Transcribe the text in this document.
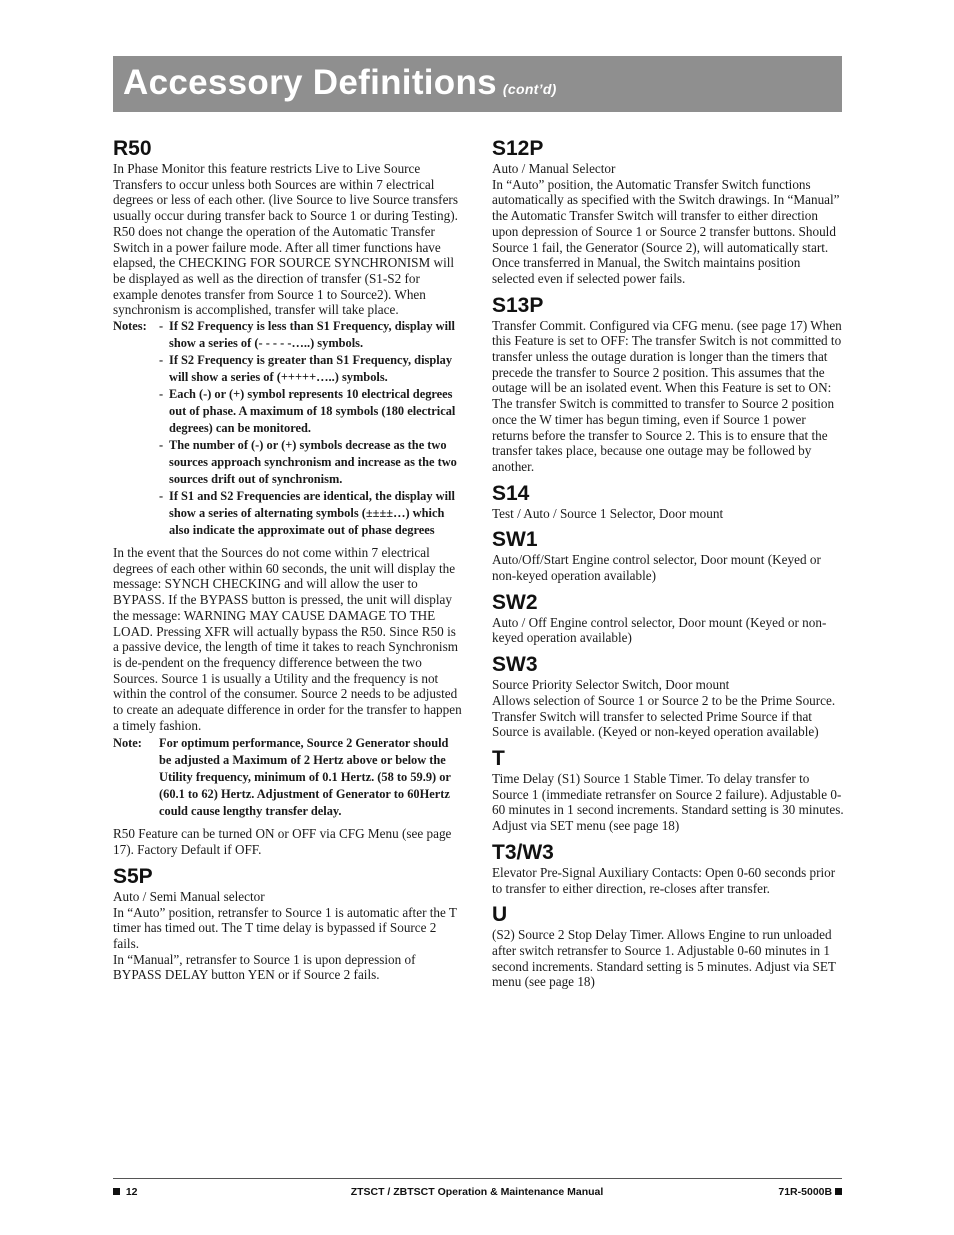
Accessory Definitions (cont’d)
R50

In Phase Monitor this feature restricts Live to Live Source Transfers to occur unless both Sources are within 7 electrical degrees or less of each other. (live Source to live Source transfers usually occur during transfer back to Source 1 or during Testing). R50 does not change the operation of the Automatic Transfer Switch in a power failure mode. After all timer functions have elapsed, the CHECKING FOR SOURCE SYNCHRONISM will be displayed as well as the direction of transfer (S1-S2 for example denotes transfer from Source 1 to Source2). When synchronism is accomplished, transfer will take place.

Notes: - If S2 Frequency is less than S1 Frequency, display will show a series of (- - - - -…..) symbols.
- If S2 Frequency is greater than S1 Frequency, display will show a series of (+++++…..) symbols.
- Each (-) or (+) symbol represents 10 electrical degrees out of phase. A maximum of 18 symbols (180 electrical degrees) can be monitored.
- The number of (-) or (+) symbols decrease as the two sources approach synchronism and increase as the two sources drift out of synchronism.
- If S1 and S2 Frequencies are identical, the display will show a series of alternating symbols (±±±±…) which also indicate the approximate out of phase degrees

In the event that the Sources do not come within 7 electrical degrees of each other within 60 seconds, the unit will display the message: SYNCH CHECKING and will allow the user to BYPASS. If the BYPASS button is pressed, the unit will display the message: WARNING MAY CAUSE DAMAGE TO THE LOAD. Pressing XFR will actually bypass the R50. Since R50 is a passive device, the length of time it takes to reach Synchronism is de-pendent on the frequency difference between the two Sources. Source 1 is usually a Utility and the frequency is not within the control of the consumer. Source 2 needs to be adjusted to create an adequate difference in order for the transfer to happen a timely fashion.

Note:	For optimum performance, Source 2 Generator should be adjusted a Maximum of 2 Hertz above or below the Utility frequency, minimum of 0.1 Hertz. (58 to 59.9) or (60.1 to 62) Hertz. Adjustment of Generator to 60Hertz could cause lengthy transfer delay.

R50 Feature can be turned ON or OFF via CFG Menu (see page 17). Factory Default if OFF.

S5P

Auto / Semi Manual selector

In “Auto” position, retransfer to Source 1 is automatic after the T timer has timed out. The T time delay is bypassed if Source 2 fails.

In “Manual”, retransfer to Source 1 is upon depression of BYPASS DELAY button YEN or if Source 2 fails.

S12P

Auto / Manual Selector

In “Auto” position, the Automatic Transfer Switch functions automatically as specified with the Switch drawings. In “Manual” the Automatic Transfer Switch will transfer to either direction upon depression of Source 1 or Source 2 transfer buttons. Should Source 1 fail, the Generator (Source 2), will automatically start. Once transferred in Manual, the Switch maintains position selected even if selected power fails.

S13P

Transfer Commit. Configured via CFG menu. (see page 17) When this Feature is set to OFF: The transfer Switch is not committed to transfer unless the outage duration is longer than the timers that precede the transfer to Source 2 position. This assumes that the outage will be an isolated event. When this Feature is set to ON: The transfer Switch is committed to transfer to Source 2 position once the W timer has begun timing, even if Source 1 power returns before the transfer to Source 2. This is to ensure that the transfer takes place, because one outage may be followed by another.

S14

Test / Auto / Source 1 Selector, Door mount

SW1

Auto/Off/Start Engine control selector, Door mount (Keyed or non-keyed operation available)

SW2

Auto / Off Engine control selector, Door mount (Keyed or non-keyed operation available)

SW3

Source Priority Selector Switch, Door mount

Allows selection of Source 1 or Source 2 to be the Prime Source. Transfer Switch will transfer to selected Prime Source if that Source is available. (Keyed or non-keyed operation available)

T

Time Delay (S1) Source 1 Stable Timer. To delay transfer to Source 1 (immediate retransfer on Source 2 failure). Adjustable 0-60 minutes in 1 second increments. Standard setting is 30 minutes. Adjust via SET menu (see page 18)

T3/W3

Elevator Pre-Signal Auxiliary Contacts: Open 0-60 seconds prior to transfer to either direction, re-closes after transfer.

U

(S2) Source 2 Stop Delay Timer. Allows Engine to run unloaded after switch retransfer to Source 1. Adjustable 0-60 minutes in 1 second increments. Standard setting is 5 minutes. Adjust via SET menu (see page 18)

12	ZTSCT / ZBTSCT Operation & Maintenance Manual	71R-5000B
